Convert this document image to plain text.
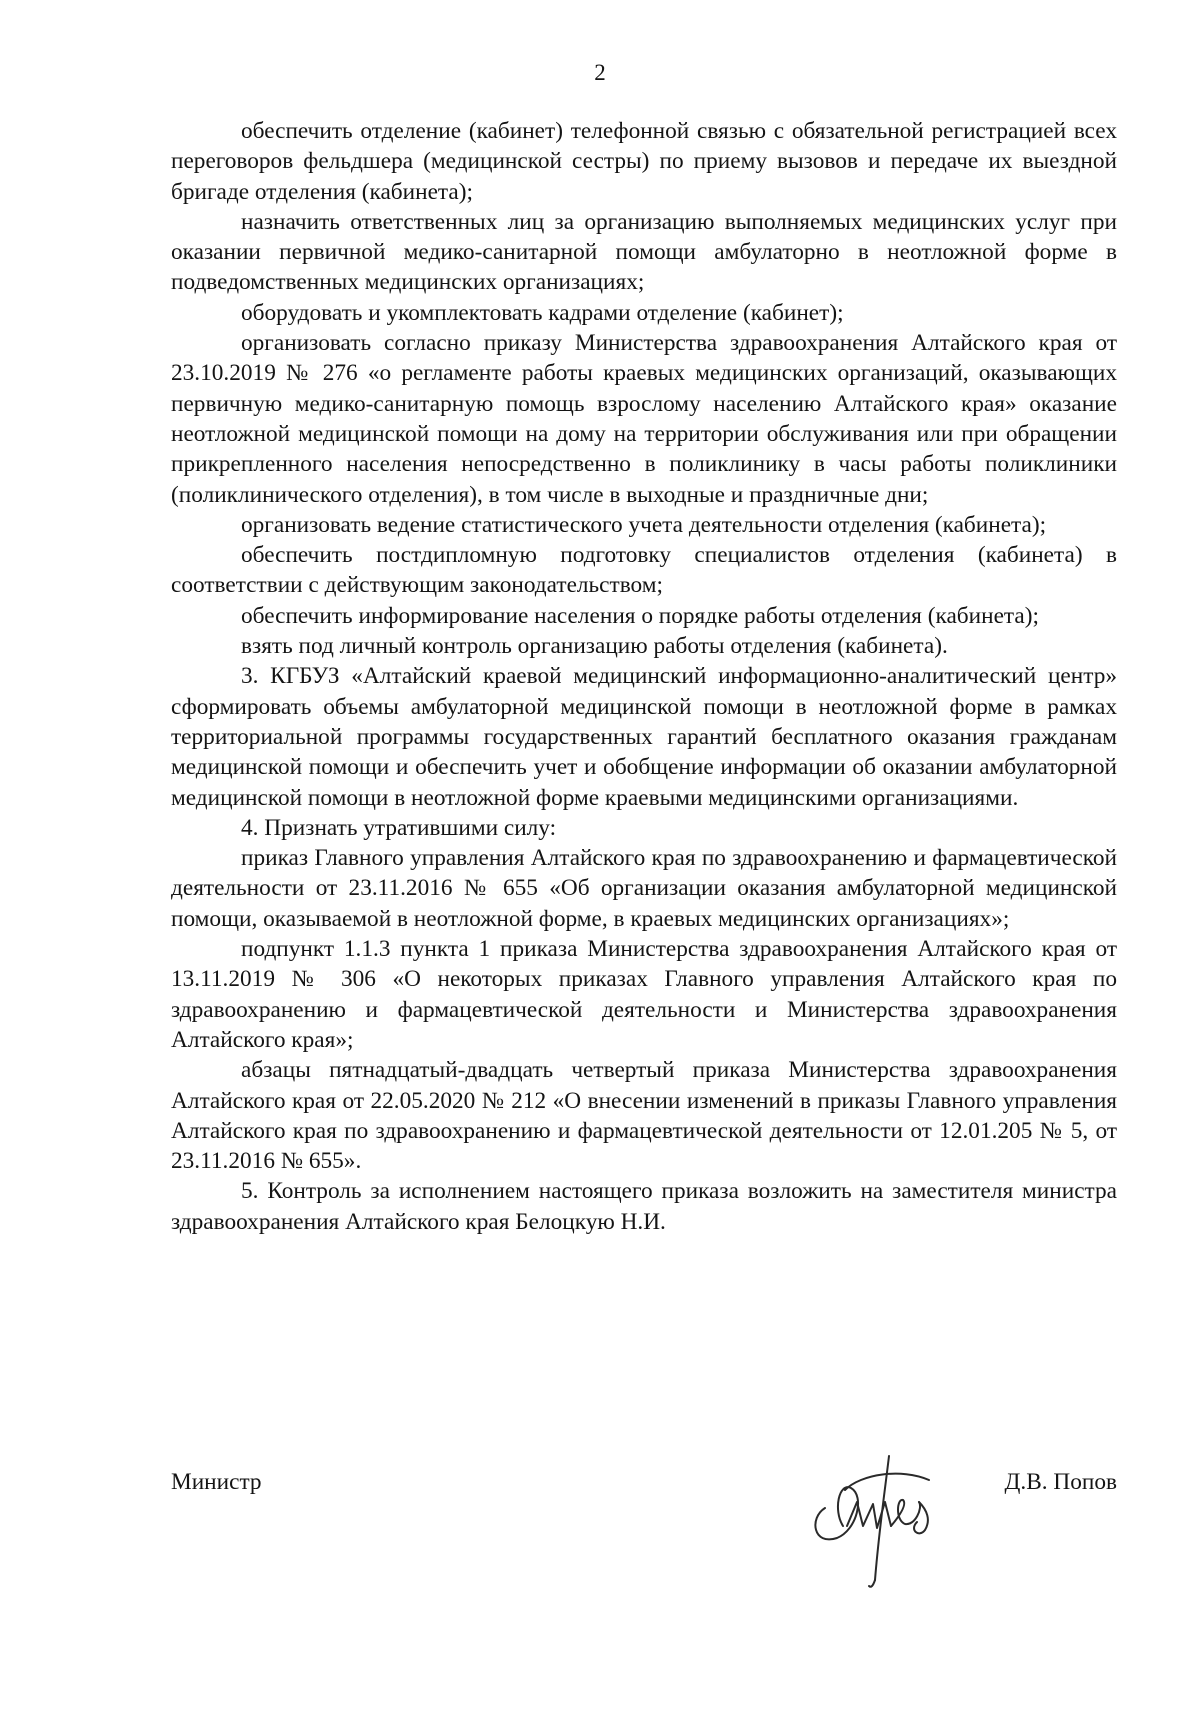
2

обеспечить отделение (кабинет) телефонной связью с обязательной регистрацией всех переговоров фельдшера (медицинской сестры) по приему вызовов и передаче их выездной бригаде отделения (кабинета);

назначить ответственных лиц за организацию выполняемых медицинских услуг при оказании первичной медико-санитарной помощи амбулаторно в неотложной форме в подведомственных медицинских организациях;

оборудовать и укомплектовать кадрами отделение (кабинет);

организовать согласно приказу Министерства здравоохранения Алтайского края от 23.10.2019 № 276 «о регламенте работы краевых медицинских организаций, оказывающих первичную медико-санитарную помощь взрослому населению Алтайского края» оказание неотложной медицинской помощи на дому на территории обслуживания или при обращении прикрепленного населения непосредственно в поликлинику в часы работы поликлиники (поликлинического отделения), в том числе в выходные и праздничные дни;

организовать ведение статистического учета деятельности отделения (кабинета);

обеспечить постдипломную подготовку специалистов отделения (кабинета) в соответствии с действующим законодательством;

обеспечить информирование населения о порядке работы отделения (кабинета);

взять под личный контроль организацию работы отделения (кабинета).

3. КГБУЗ «Алтайский краевой медицинский информационно-аналитический центр» сформировать объемы амбулаторной медицинской помощи в неотложной форме в рамках территориальной программы государственных гарантий бесплатного оказания гражданам медицинской помощи и обеспечить учет и обобщение информации об оказании амбулаторной медицинской помощи в неотложной форме краевыми медицинскими организациями.

4. Признать утратившими силу:

приказ Главного управления Алтайского края по здравоохранению и фармацевтической деятельности от 23.11.2016 № 655 «Об организации оказания амбулаторной медицинской помощи, оказываемой в неотложной форме, в краевых медицинских организациях»;

подпункт 1.1.3 пункта 1 приказа Министерства здравоохранения Алтайского края от 13.11.2019 № 306 «О некоторых приказах Главного управления Алтайского края по здравоохранению и фармацевтической деятельности и Министерства здравоохранения Алтайского края»;

абзацы пятнадцатый-двадцать четвертый приказа Министерства здравоохранения Алтайского края от 22.05.2020 № 212 «О внесении изменений в приказы Главного управления Алтайского края по здравоохранению и фармацевтической деятельности от 12.01.205 № 5, от 23.11.2016 № 655».

5. Контроль за исполнением настоящего приказа возложить на заместителя министра здравоохранения Алтайского края Белоцкую Н.И.

Министр	Д.В. Попов
